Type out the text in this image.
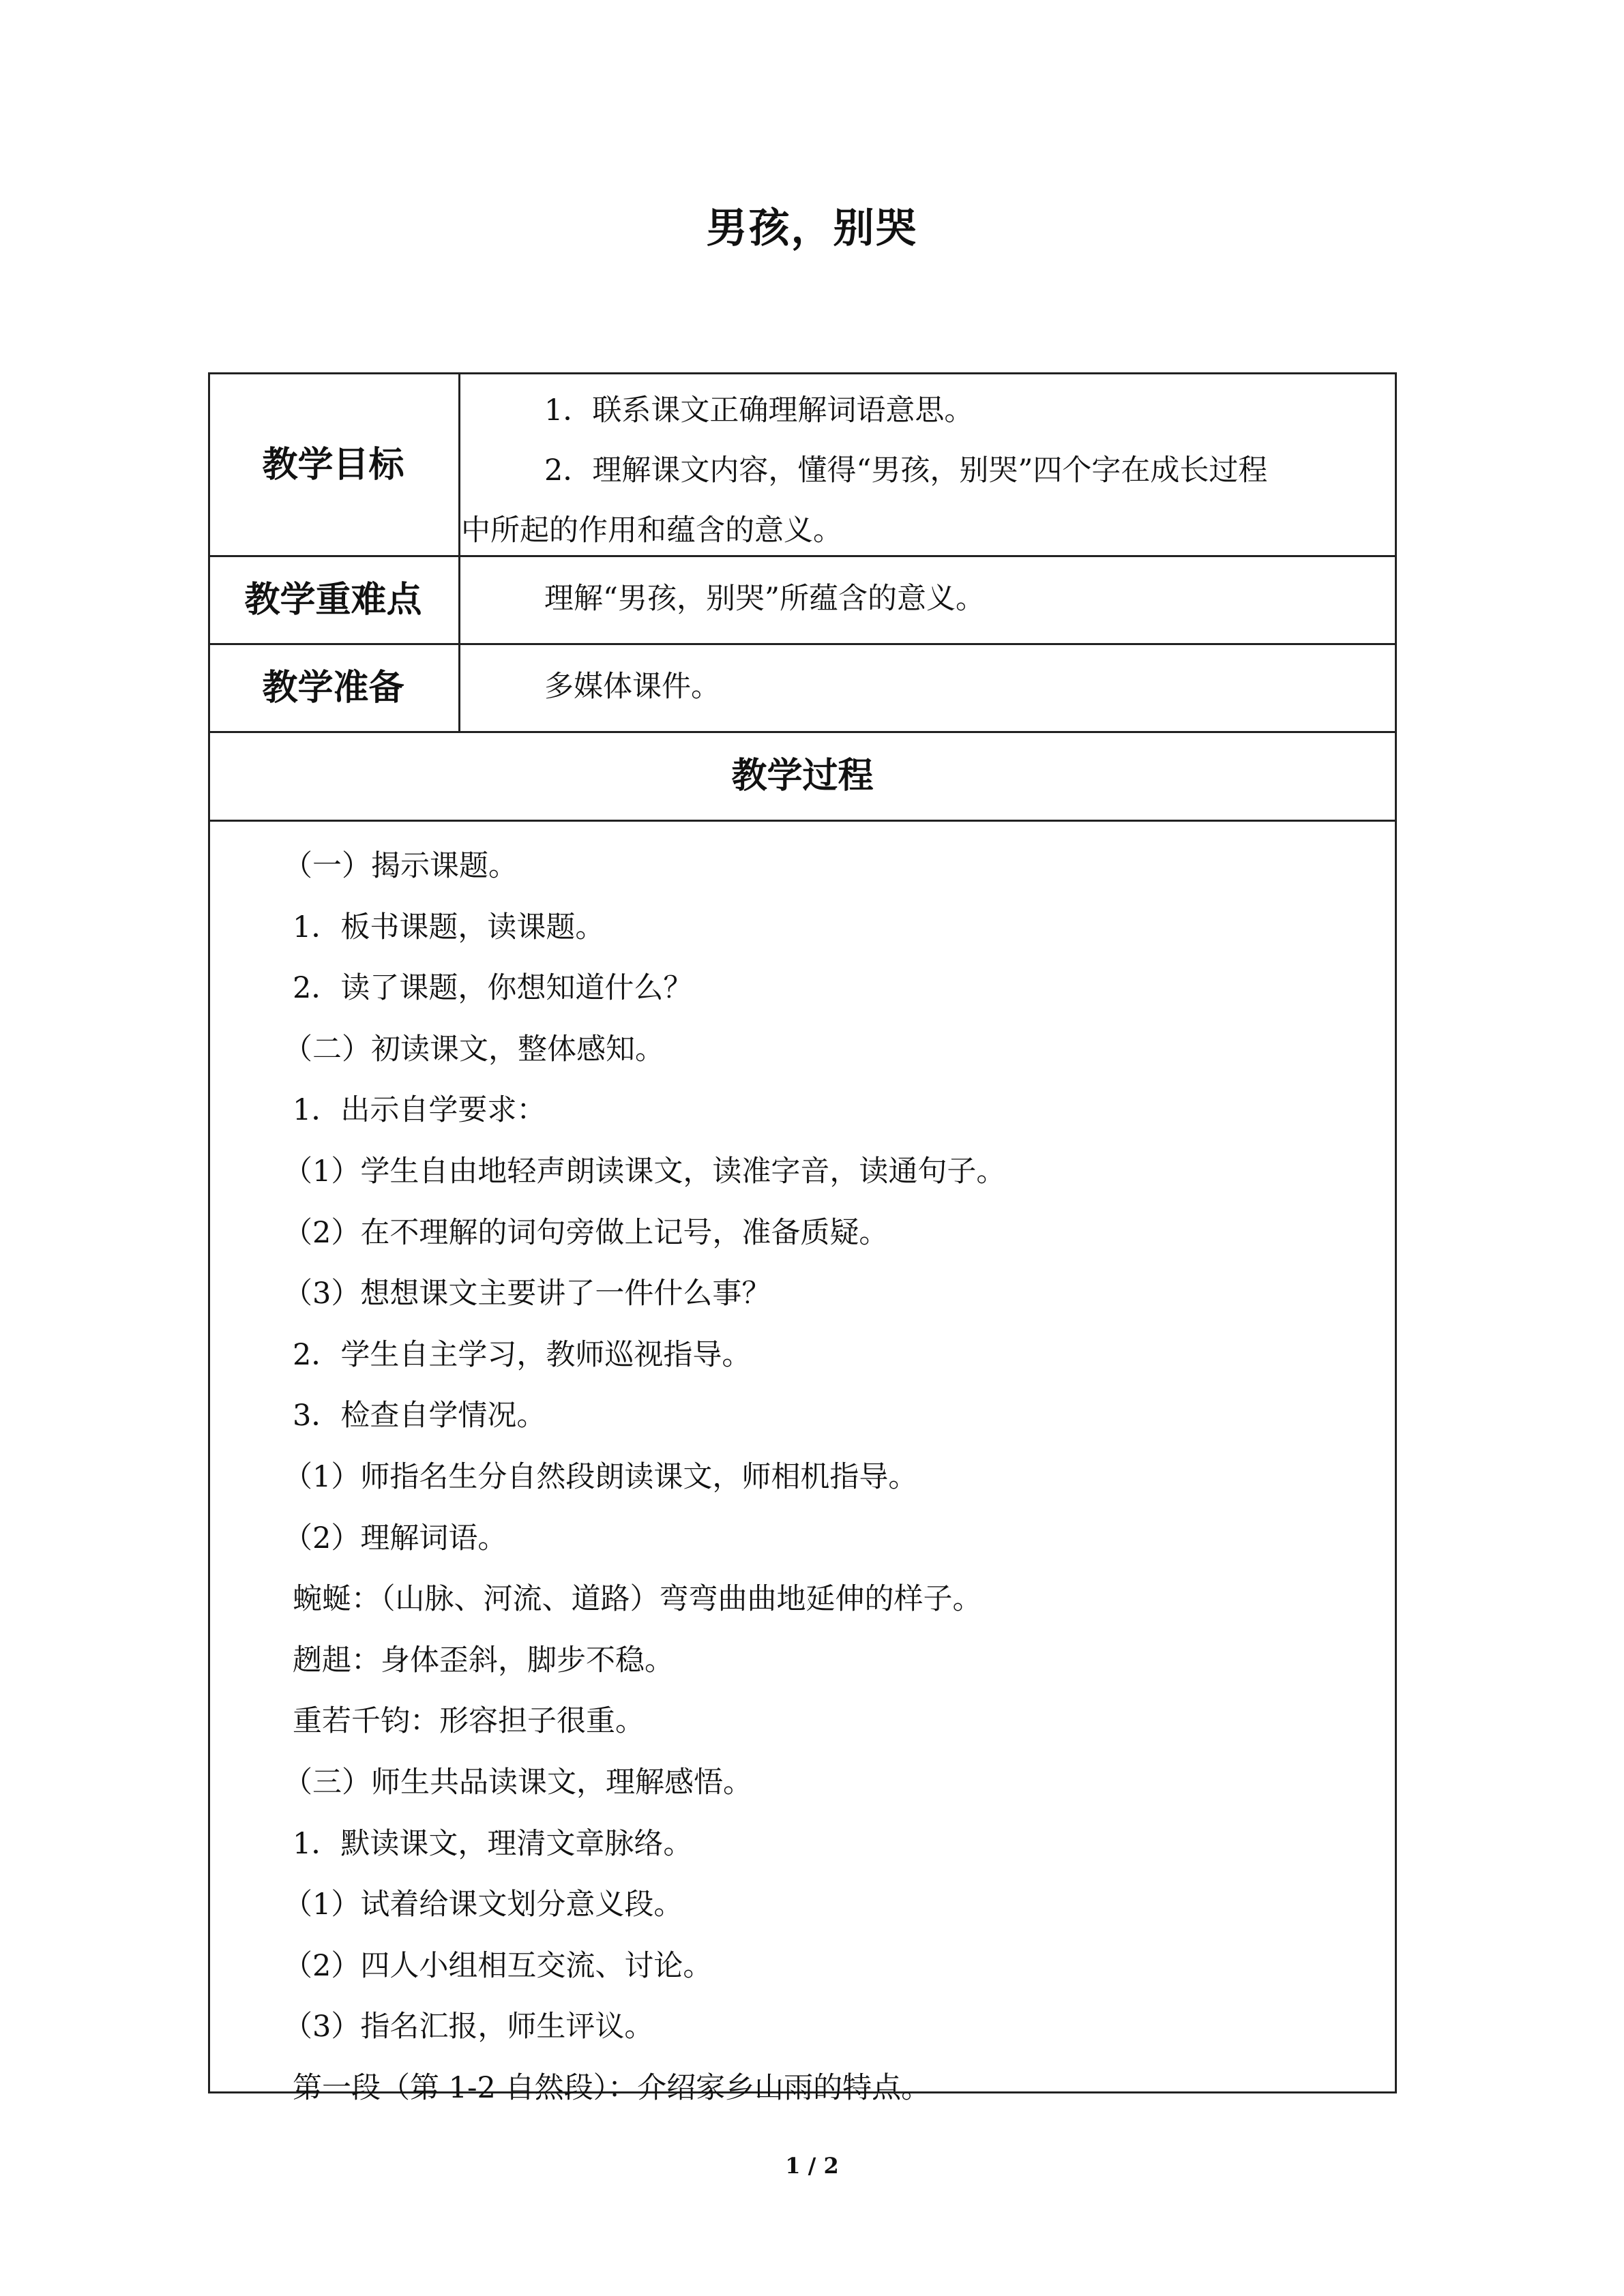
男孩，别哭
教学目标

1．联系课文正确理解词语意思。

2．理解课文内容，懂得“男孩，别哭”四个字在成长过程

中所起的作用和蕴含的意义。

教学重难点	理解“男孩，别哭”所蕴含的意义。

教学准备	多媒体课件。

教学过程

（一）揭示课题。

1．板书课题，读课题。

2．读了课题，你想知道什么？

（二）初读课文，整体感知。

1．出示自学要求：

（1）学生自由地轻声朗读课文，读准字音，读通句子。

（2）在不理解的词句旁做上记号，准备质疑。

（3）想想课文主要讲了一件什么事？

2．学生自主学习，教师巡视指导。

3．检查自学情况。

（1）师指名生分自然段朗读课文，师相机指导。

（2）理解词语。

蜿蜒：（山脉、河流、道路）弯弯曲曲地延伸的样子。

趔趄：身体歪斜，脚步不稳。

重若千钧：形容担子很重。

（三）师生共品读课文，理解感悟。

1．默读课文，理清文章脉络。

（1）试着给课文划分意义段。

（2）四人小组相互交流、讨论。

（3）指名汇报，师生评议。

第一段（第 1-2 自然段）：介绍家乡山雨的特点。

1 / 2
